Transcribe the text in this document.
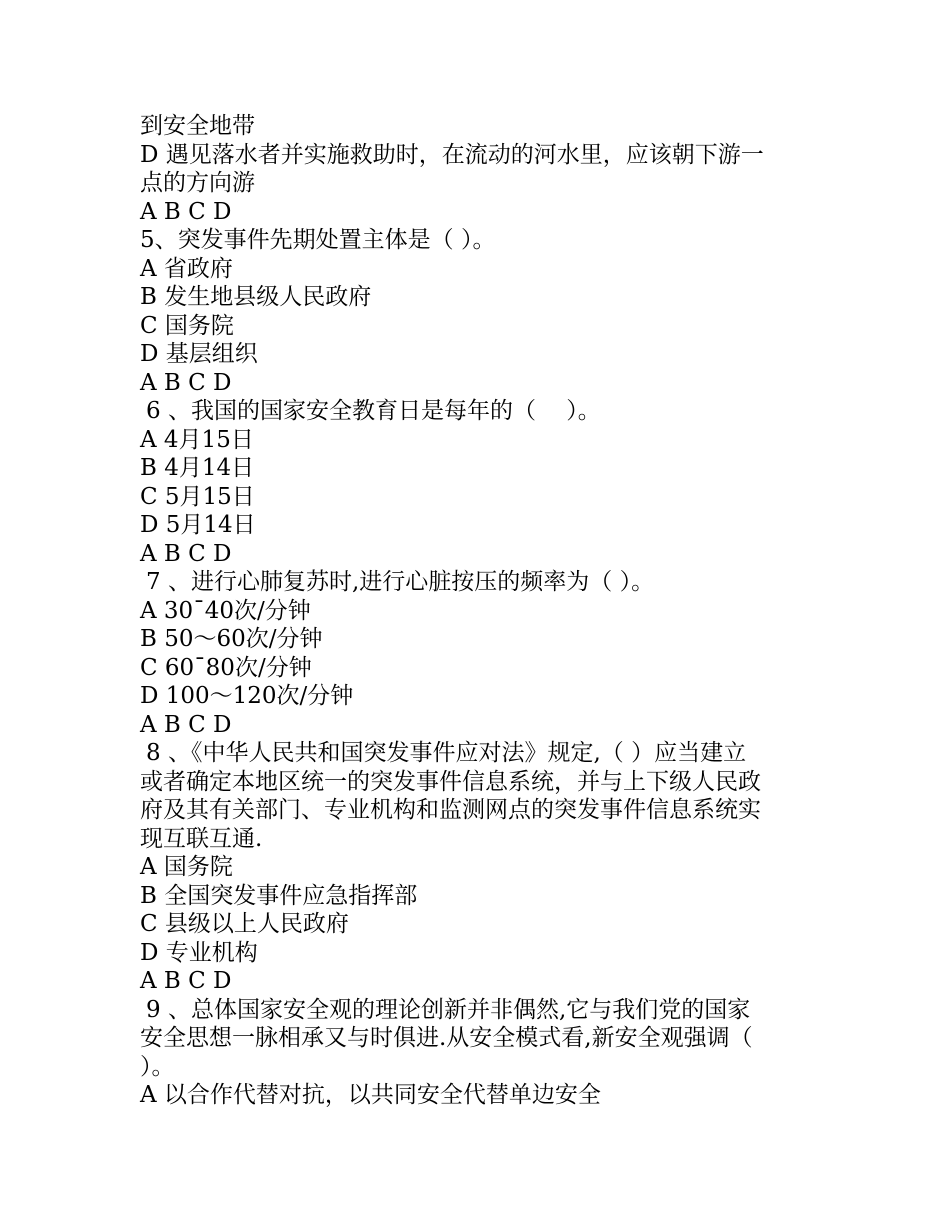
到安全地带
D 遇见落水者并实施救助时，在流动的河水里，应该朝下游一
点的方向游
A B C D
5、突发事件先期处置主体是（ ）。
A 省政府
B 发生地县级人民政府
C 国务院
D 基层组织
A B C D
6 、我国的国家安全教育日是每年的（　 ）。
A 4月15日
B 4月14日
C 5月15日
D 5月14日
A B C D
7 、进行心肺复苏时,进行心脏按压的频率为（ ）。
A 30¯40次/分钟
B 50～60次/分钟
C 60¯80次/分钟
D 100～120次/分钟
A B C D
8 、《中华人民共和国突发事件应对法》规定,（ ）应当建立
或者确定本地区统一的突发事件信息系统，并与上下级人民政
府及其有关部门、专业机构和监测网点的突发事件信息系统实
现互联互通.
A 国务院
B 全国突发事件应急指挥部
C 县级以上人民政府
D 专业机构
A B C D
9 、总体国家安全观的理论创新并非偶然,它与我们党的国家
安全思想一脉相承又与时俱进.从安全模式看,新安全观强调（
）。
A 以合作代替对抗，以共同安全代替单边安全
